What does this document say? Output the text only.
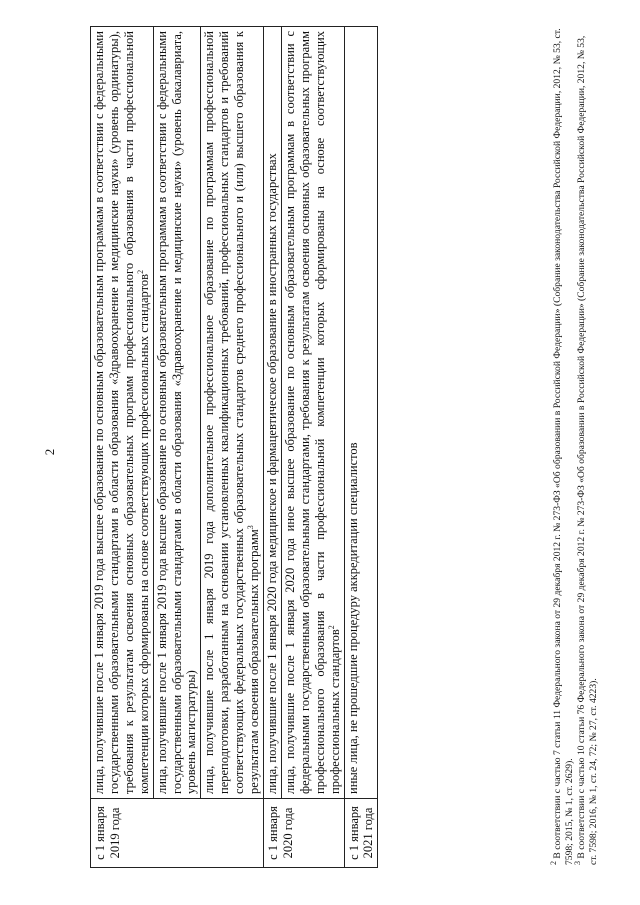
2
с 1 января 2019 года	лица, получившие после 1 января 2019 года высшее образование по основным образовательным программам в соответствии с федеральными государственными образовательными стандартами в области образования «Здравоохранение и медицинские науки» (уровень ординатуры), требования к результатам освоения основных образовательных программ профессионального образования в части профессиональной компетенции которых сформированы на основе соответствующих профессиональных стандартов$^2$
	лица, получившие после 1 января 2019 года высшее образование по основным образовательным программам в соответствии с федеральными государственными образовательными стандартами в области образования «Здравоохранение и медицинские науки» (уровень бакалавриата, уровень магистратуры)
	лица, получившие после 1 января 2019 года дополнительное профессиональное образование по программам профессиональной переподготовки, разработанным на основании установленных квалификационных требований, профессиональных стандартов и требований соответствующих федеральных государственных образовательных стандартов среднего профессионального и (или) высшего образования к результатам освоения образовательных программ$^3$
с 1 января 2020 года	лица, получившие после 1 января 2020 года медицинское и фармацевтическое образование в иностранных государствах
	лица, получившие после 1 января 2020 года иное высшее образование по основным образовательным программам в соответствии с федеральными государственными образовательными стандартами, требования к результатам освоения основных образовательных программ профессионального образования в части профессиональной компетенции которых сформированы на основе соответствующих профессиональных стандартов$^2$
с 1 января 2021 года	иные лица, не прошедшие процедуру аккредитации специалистов

$^2$ В соответствии с частью 7 статьи 11 Федерального закона от 29 декабря 2012 г. № 273-ФЗ «Об образовании в Российской Федерации» (Собрание законодательства Российской Федерации, 2012, № 53, ст. 7598; 2015, № 1, ст. 2629).

$^3$ В соответствии с частью 10 статьи 76 Федерального закона от 29 декабря 2012 г. № 273-ФЗ «Об образовании в Российской Федерации» (Собрание законодательства Российской Федерации, 2012, № 53, ст. 7598; 2016, № 1, ст. 24, 72; № 27, ст. 4223).
